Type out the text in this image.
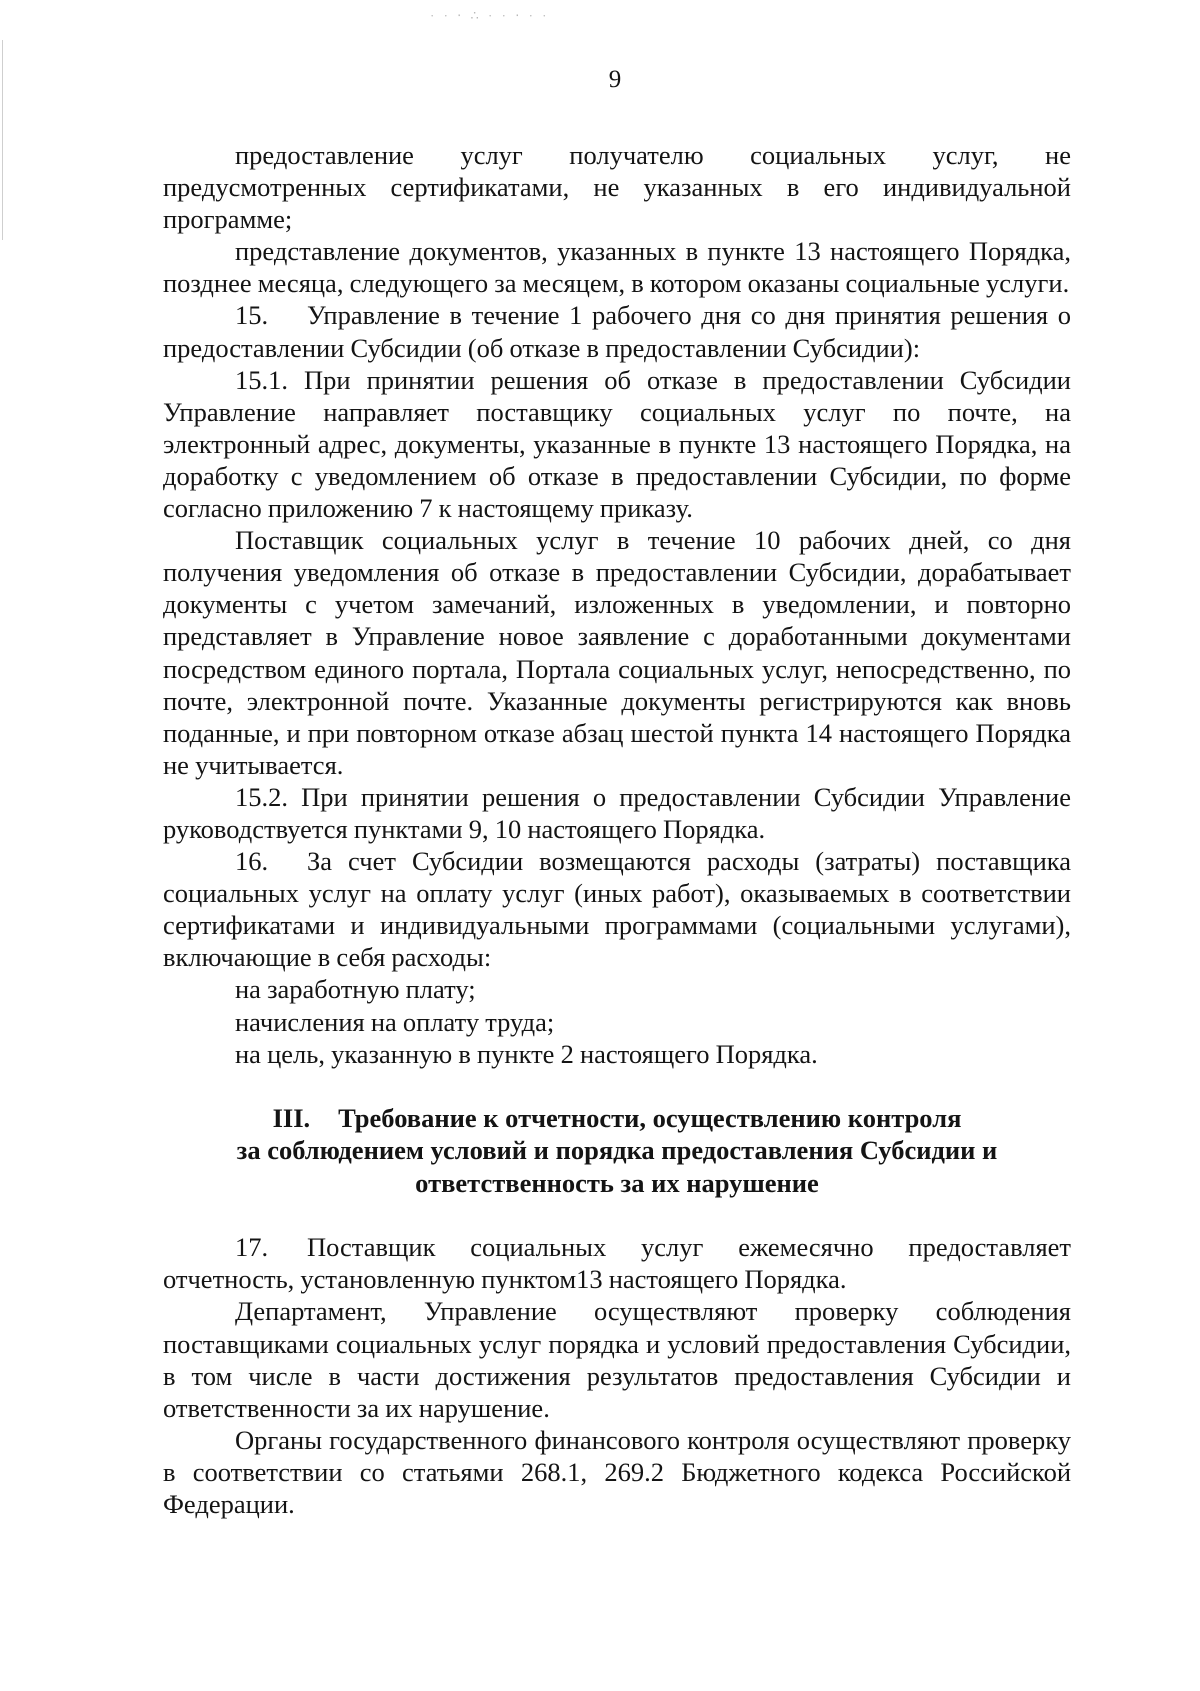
· · ‧ ∴ · · ‧ · ·
9

предоставление услуг получателю социальных услуг, не предусмотренных сертификатами, не указанных в его индивидуальной программе;

представление документов, указанных в пункте 13 настоящего Порядка, позднее месяца, следующего за месяцем, в котором оказаны социальные услуги.

15. Управление в течение 1 рабочего дня со дня принятия решения о предоставлении Субсидии (об отказе в предоставлении Субсидии):

15.1. При принятии решения об отказе в предоставлении Субсидии Управление направляет поставщику социальных услуг по почте, на электронный адрес, документы, указанные в пункте 13 настоящего Порядка, на доработку с уведомлением об отказе в предоставлении Субсидии, по форме согласно приложению 7 к настоящему приказу.

Поставщик социальных услуг в течение 10 рабочих дней, со дня получения уведомления об отказе в предоставлении Субсидии, дорабатывает документы с учетом замечаний, изложенных в уведомлении, и повторно представляет в Управление новое заявление с доработанными документами посредством единого портала, Портала социальных услуг, непосредственно, по почте, электронной почте. Указанные документы регистрируются как вновь поданные, и при повторном отказе абзац шестой пункта 14 настоящего Порядка не учитывается.

15.2. При принятии решения о предоставлении Субсидии Управление руководствуется пунктами 9, 10 настоящего Порядка.

16. За счет Субсидии возмещаются расходы (затраты) поставщика социальных услуг на оплату услуг (иных работ), оказываемых в соответствии сертификатами и индивидуальными программами (социальными услугами), включающие в себя расходы:

на заработную плату;

начисления на оплату труда;

на цель, указанную в пункте 2 настоящего Порядка.

III. Требование к отчетности, осуществлению контроля
за соблюдением условий и порядка предоставления Субсидии и
ответственность за их нарушение

17. Поставщик социальных услуг ежемесячно предоставляет отчетность, установленную пунктом13 настоящего Порядка.

Департамент, Управление осуществляют проверку соблюдения поставщиками социальных услуг порядка и условий предоставления Субсидии, в том числе в части достижения результатов предоставления Субсидии и ответственности за их нарушение.

Органы государственного финансового контроля осуществляют проверку в соответствии со статьями 268.1, 269.2 Бюджетного кодекса Российской Федерации.
